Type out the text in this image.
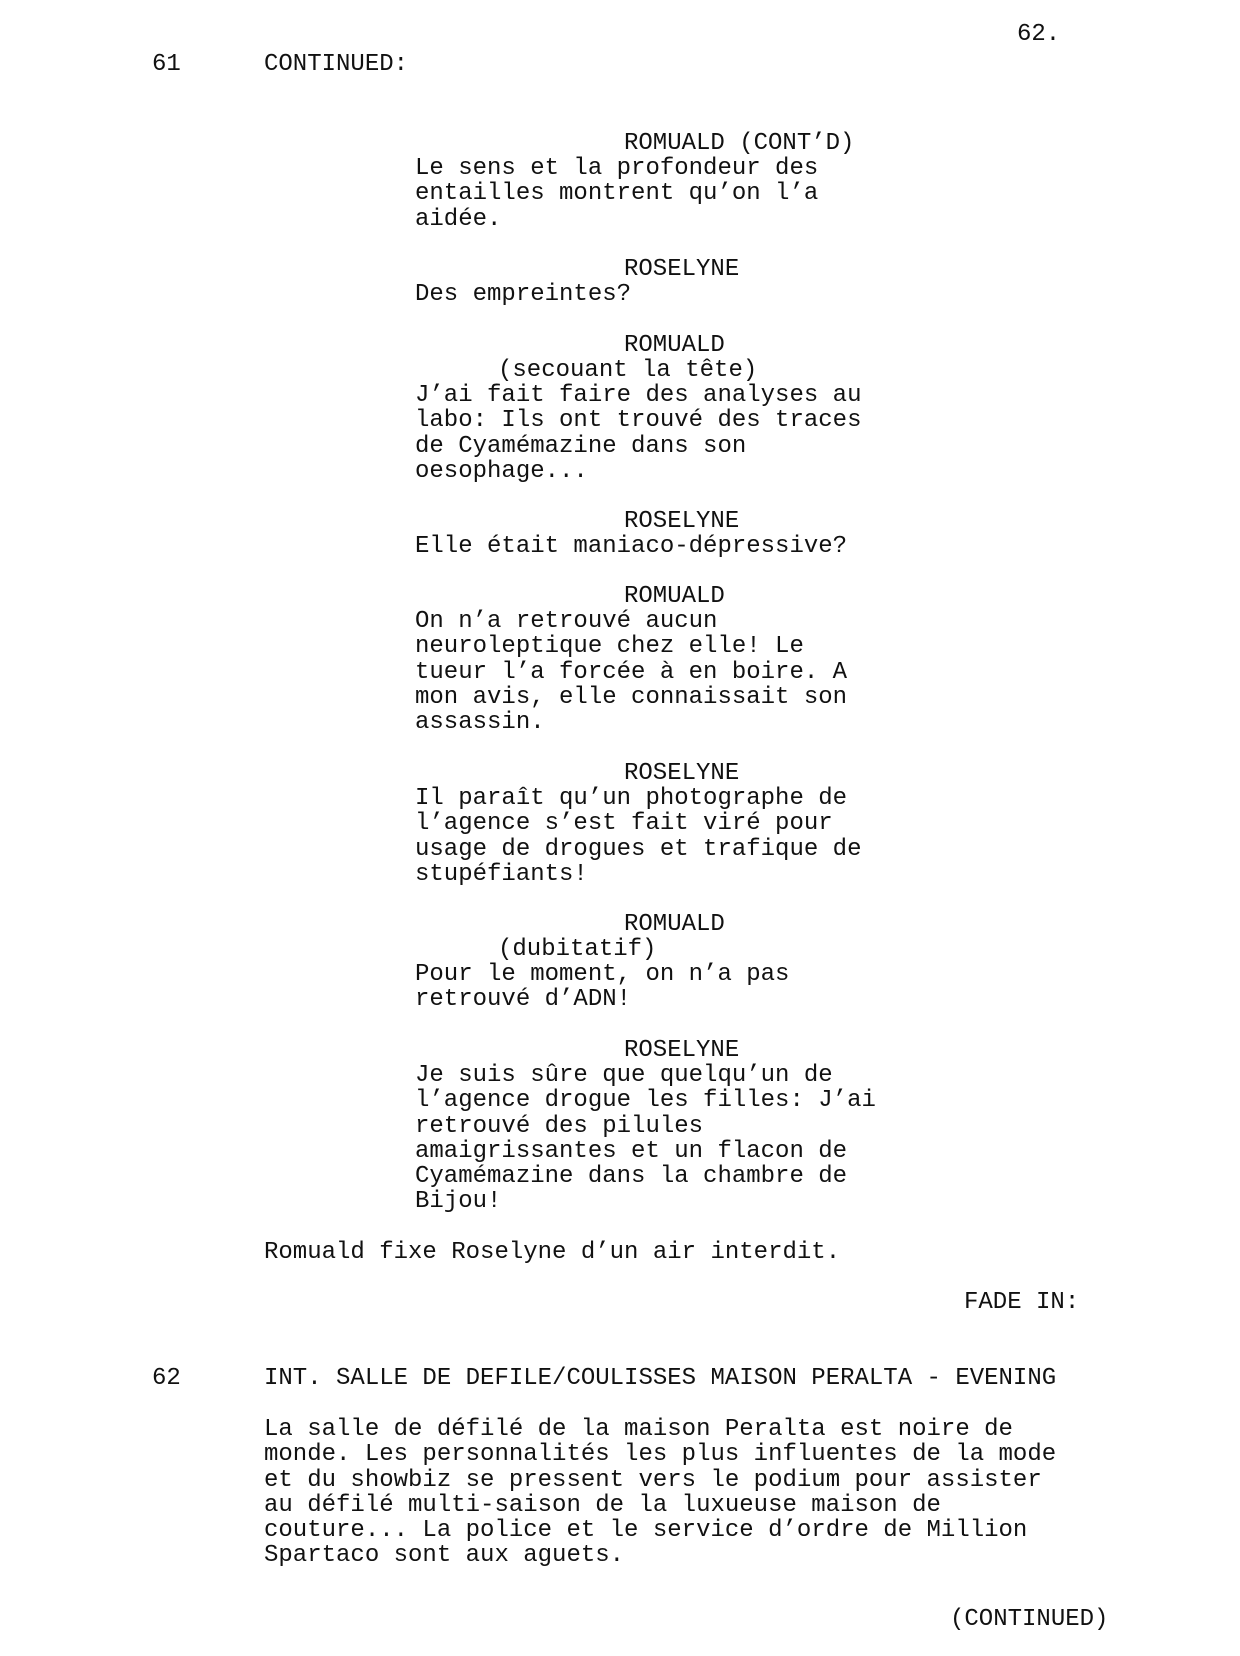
62.
61	CONTINUED:
ROMUALD (CONT’D)
Le sens et la profondeur des
entailles montrent qu’on l’a
aidée.
ROSELYNE
Des empreintes?
ROMUALD
(secouant la tête)
J’ai fait faire des analyses au
labo: Ils ont trouvé des traces
de Cyamémazine dans son
oesophage...
ROSELYNE
Elle était maniaco-dépressive?
ROMUALD
On n’a retrouvé aucun
neuroleptique chez elle! Le
tueur l’a forcée à en boire. A
mon avis, elle connaissait son
assassin.
ROSELYNE
Il paraît qu’un photographe de
l’agence s’est fait viré pour
usage de drogues et trafique de
stupéfiants!
ROMUALD
(dubitatif)
Pour le moment, on n’a pas
retrouvé d’ADN!
ROSELYNE
Je suis sûre que quelqu’un de
l’agence drogue les filles: J’ai
retrouvé des pilules
amaigrissantes et un flacon de
Cyamémazine dans la chambre de
Bijou!
Romuald fixe Roselyne d’un air interdit.
FADE IN:
62	INT. SALLE DE DEFILE/COULISSES MAISON PERALTA - EVENING
La salle de défilé de la maison Peralta est noire de
monde. Les personnalités les plus influentes de la mode
et du showbiz se pressent vers le podium pour assister
au défilé multi-saison de la luxueuse maison de
couture... La police et le service d’ordre de Million
Spartaco sont aux aguets.
(CONTINUED)
